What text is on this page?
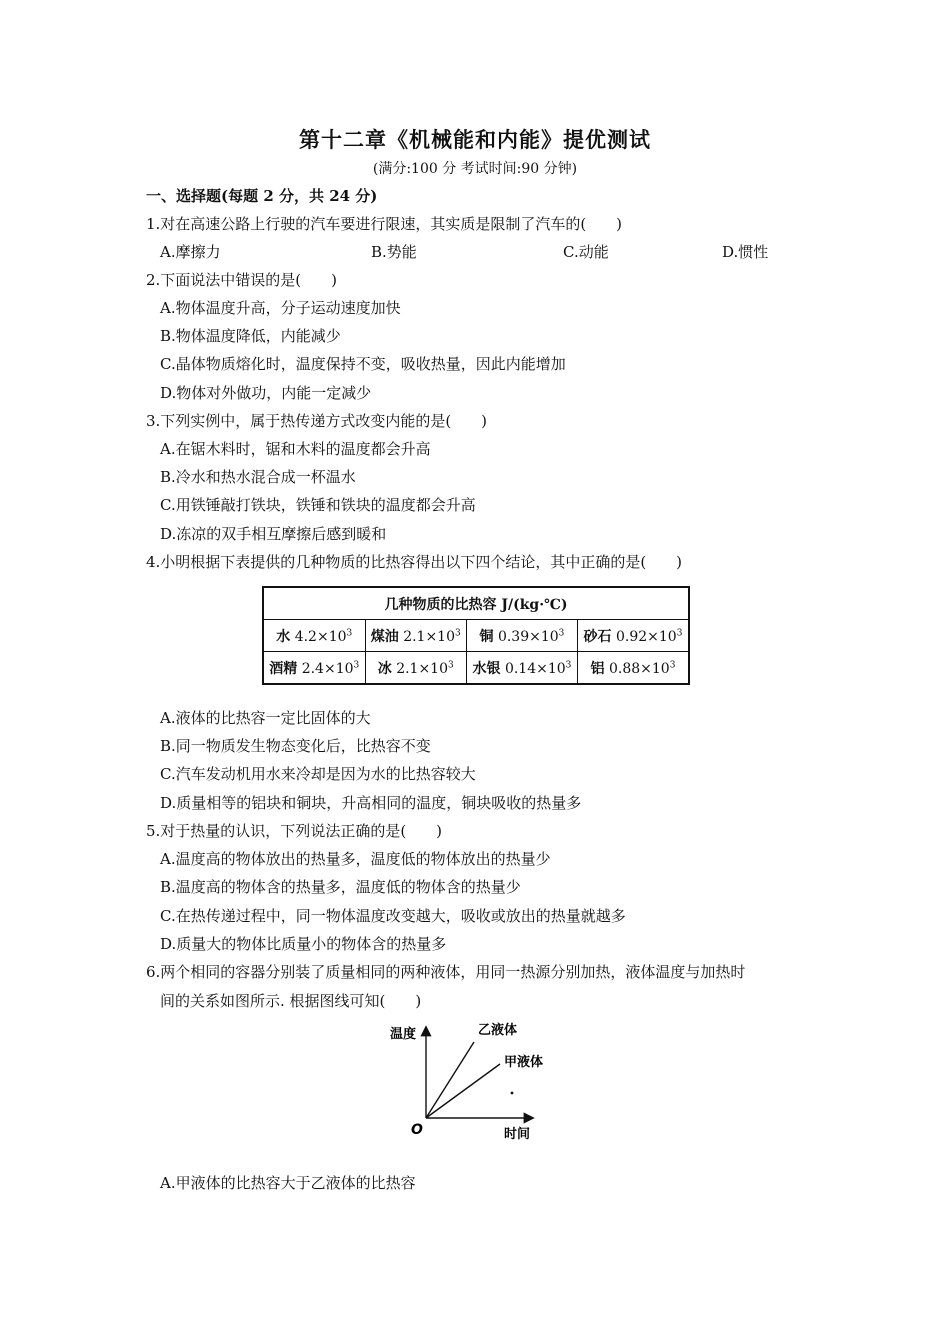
第十二章《机械能和内能》提优测试
(满分:100 分 考试时间:90 分钟)
一、选择题(每题 2 分，共 24 分)
1.对在高速公路上行驶的汽车要进行限速，其实质是限制了汽车的(　　)
A.摩擦力	B.势能	C.动能	D.惯性
2.下面说法中错误的是(　　)
A.物体温度升高，分子运动速度加快
B.物体温度降低，内能减少
C.晶体物质熔化时，温度保持不变，吸收热量，因此内能增加
D.物体对外做功，内能一定减少
3.下列实例中，属于热传递方式改变内能的是(　　)
A.在锯木料时，锯和木料的温度都会升高
B.冷水和热水混合成一杯温水
C.用铁锤敲打铁块，铁锤和铁块的温度都会升高
D.冻凉的双手相互摩擦后感到暖和
4.小明根据下表提供的几种物质的比热容得出以下四个结论，其中正确的是(　　)
几种物质的比热容 J/(kg·℃)			
水 $4.2\times 10^3$	煤油 $2.1\times 10^3$	铜 $0.39\times 10^3$	砂石 $0.92\times 10^3$
酒精 $2.4\times 10^3$	冰 $2.1\times 10^3$	水银 $0.14\times 10^3$	铝 $0.88\times 10^3$
A.液体的比热容一定比固体的大
B.同一物质发生物态变化后，比热容不变
C.汽车发动机用水来冷却是因为水的比热容较大
D.质量相等的铝块和铜块，升高相同的温度，铜块吸收的热量多
5.对于热量的认识，下列说法正确的是(　　)
A.温度高的物体放出的热量多，温度低的物体放出的热量少
B.温度高的物体含的热量多，温度低的物体含的热量少
C.在热传递过程中，同一物体温度改变越大，吸收或放出的热量就越多
D.质量大的物体比质量小的物体含的热量多
6.两个相同的容器分别装了质量相同的两种液体，用同一热源分别加热，液体温度与加热时
间的关系如图所示. 根据图线可知(　　)
温度
时间
O
乙液体
甲液体
A.甲液体的比热容大于乙液体的比热容
